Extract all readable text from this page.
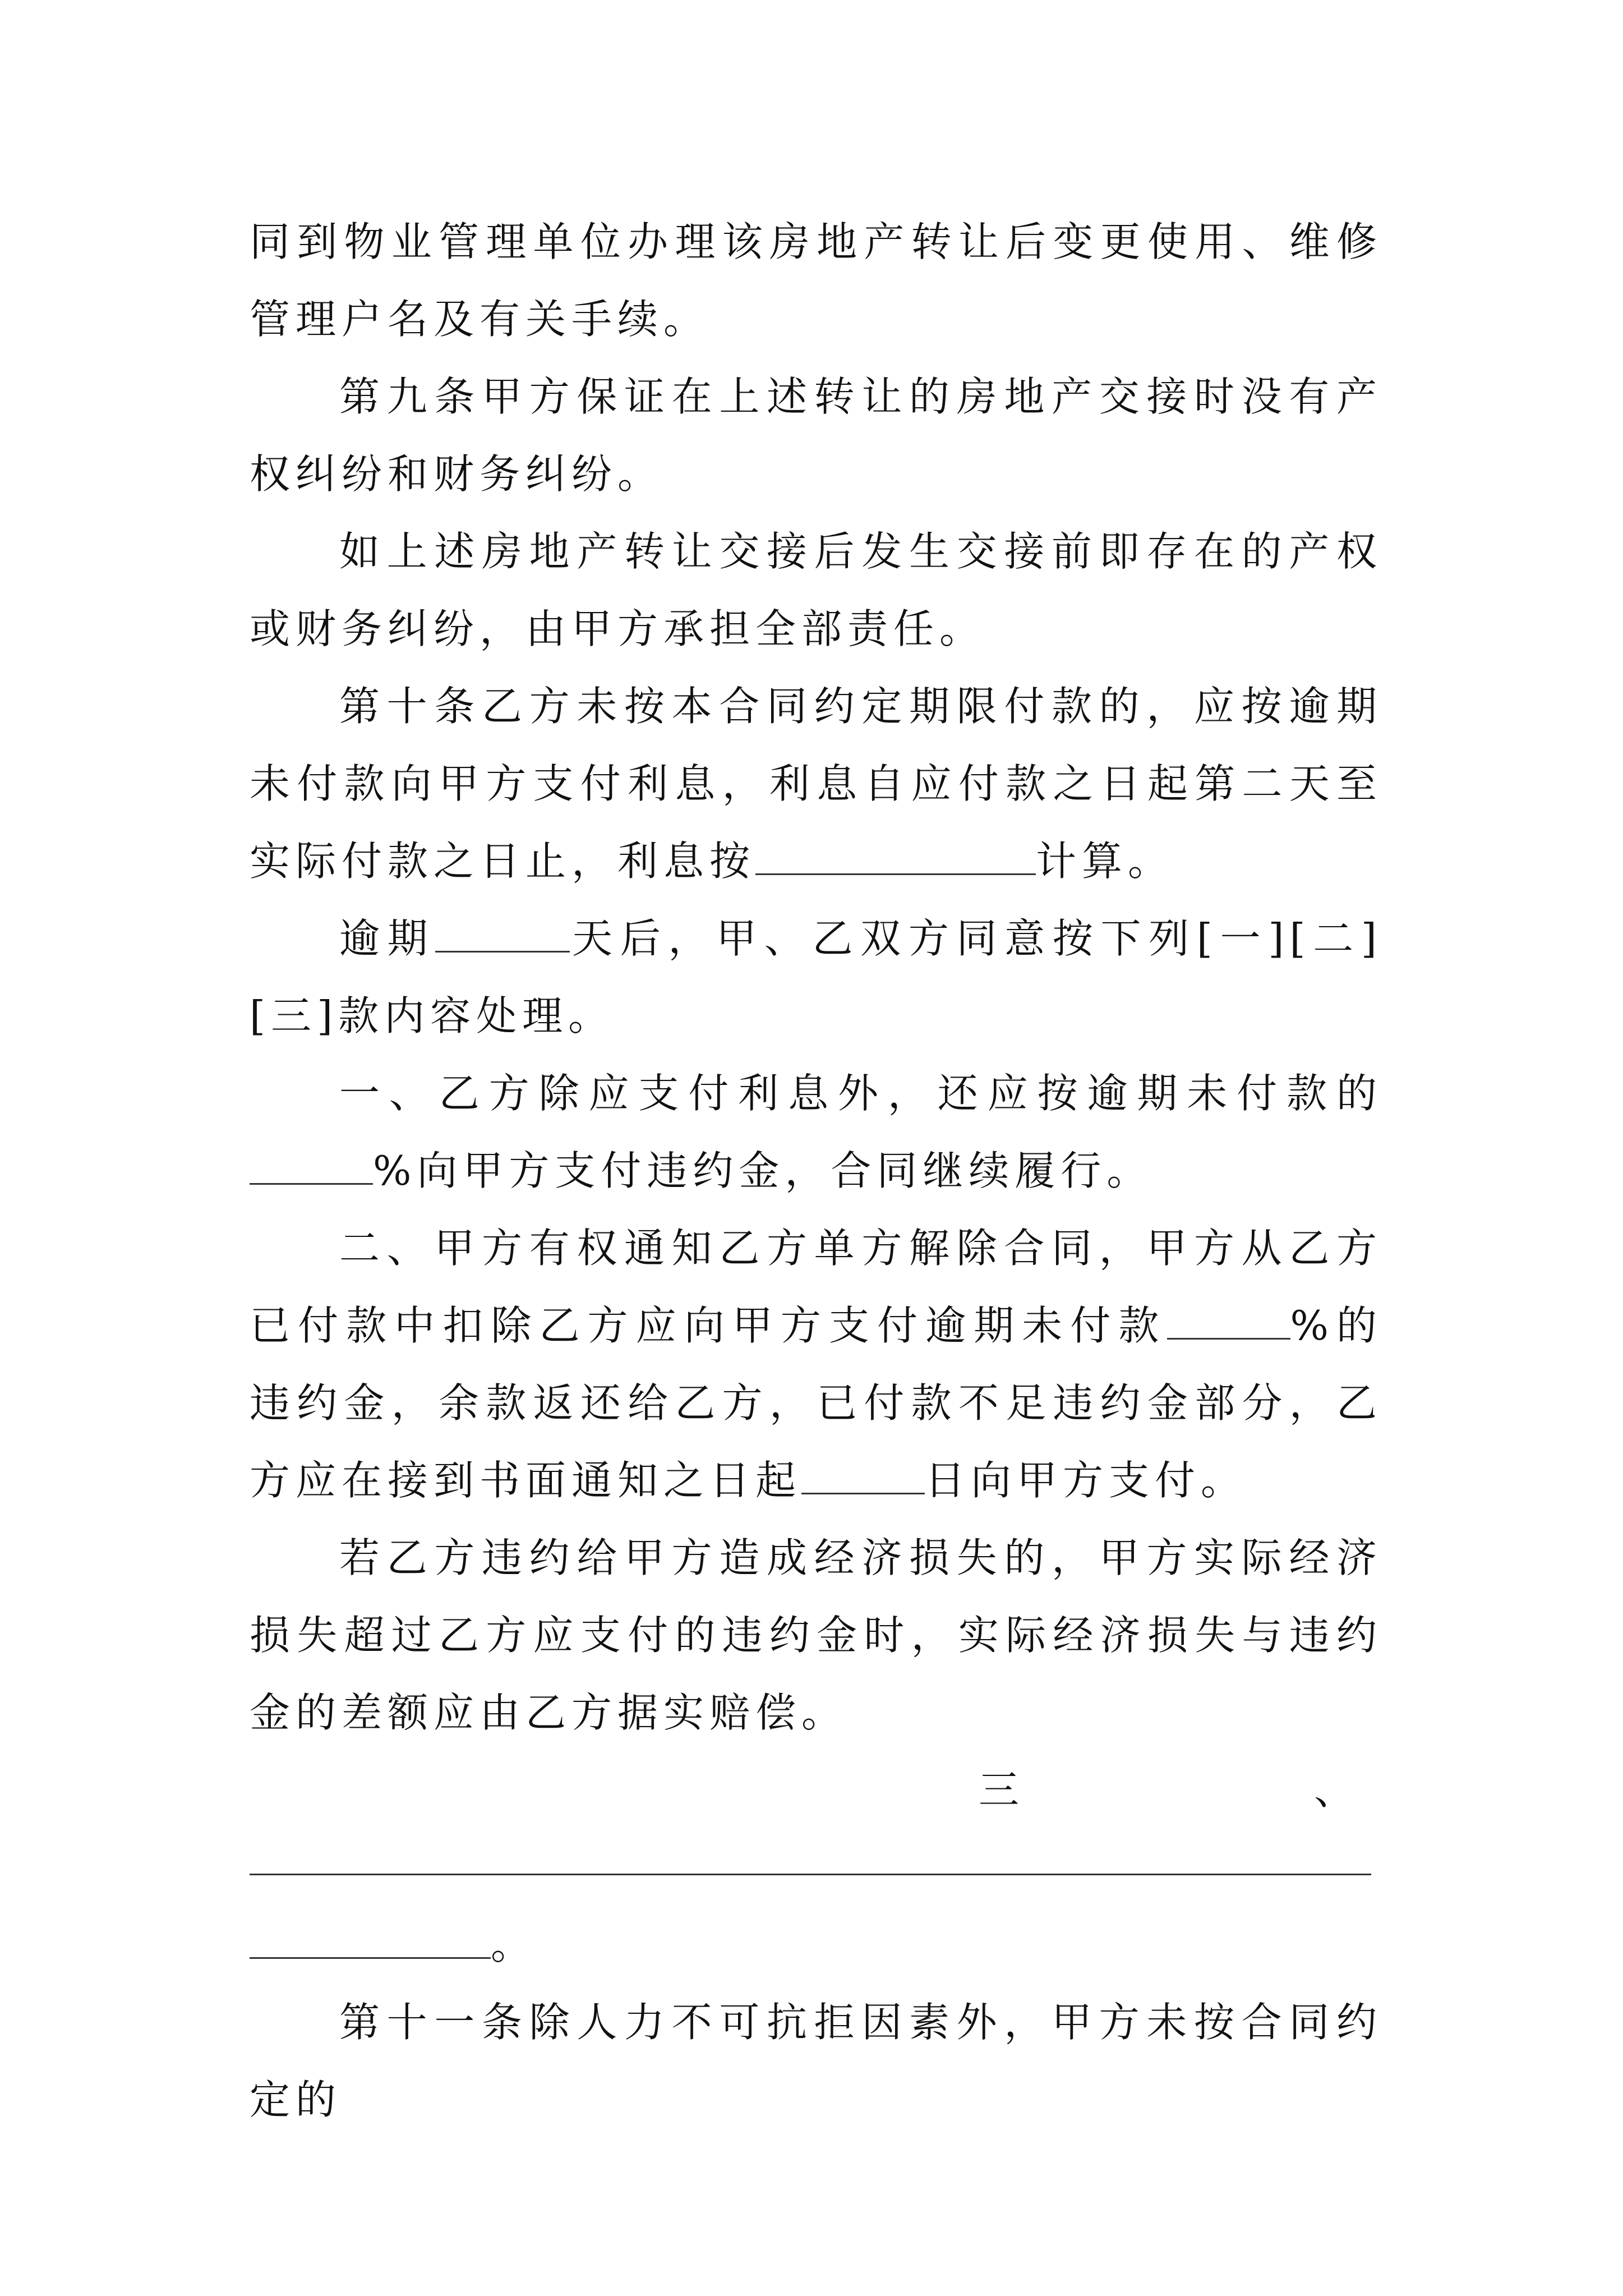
同到物业管理单位办理该房地产转让后变更使用、维修管理户名及有关手续。

第九条甲方保证在上述转让的房地产交接时没有产权纠纷和财务纠纷。

如上述房地产转让交接后发生交接前即存在的产权或财务纠纷，由甲方承担全部责任。

第十条乙方未按本合同约定期限付款的，应按逾期未付款向甲方支付利息，利息自应付款之日起第二天至实际付款之日止，利息按	计算。

逾期	天后，甲、乙双方同意按下列[一][二][三]款内容处理。

一、乙方除应支付利息外，还应按逾期未付款的%向甲方支付违约金，合同继续履行。

二、甲方有权通知乙方单方解除合同，甲方从乙方已付款中扣除乙方应向甲方支付逾期未付款	%的违约金，余款返还给乙方，已付款不足违约金部分，乙方应在接到书面通知之日起	日向甲方支付。

若乙方违约给甲方造成经济损失的，甲方实际经济损失超过乙方应支付的违约金时，实际经济损失与违约金的差额应由乙方据实赔偿。

三	、

。

第十一条除人力不可抗拒因素外，甲方未按合同约定的
